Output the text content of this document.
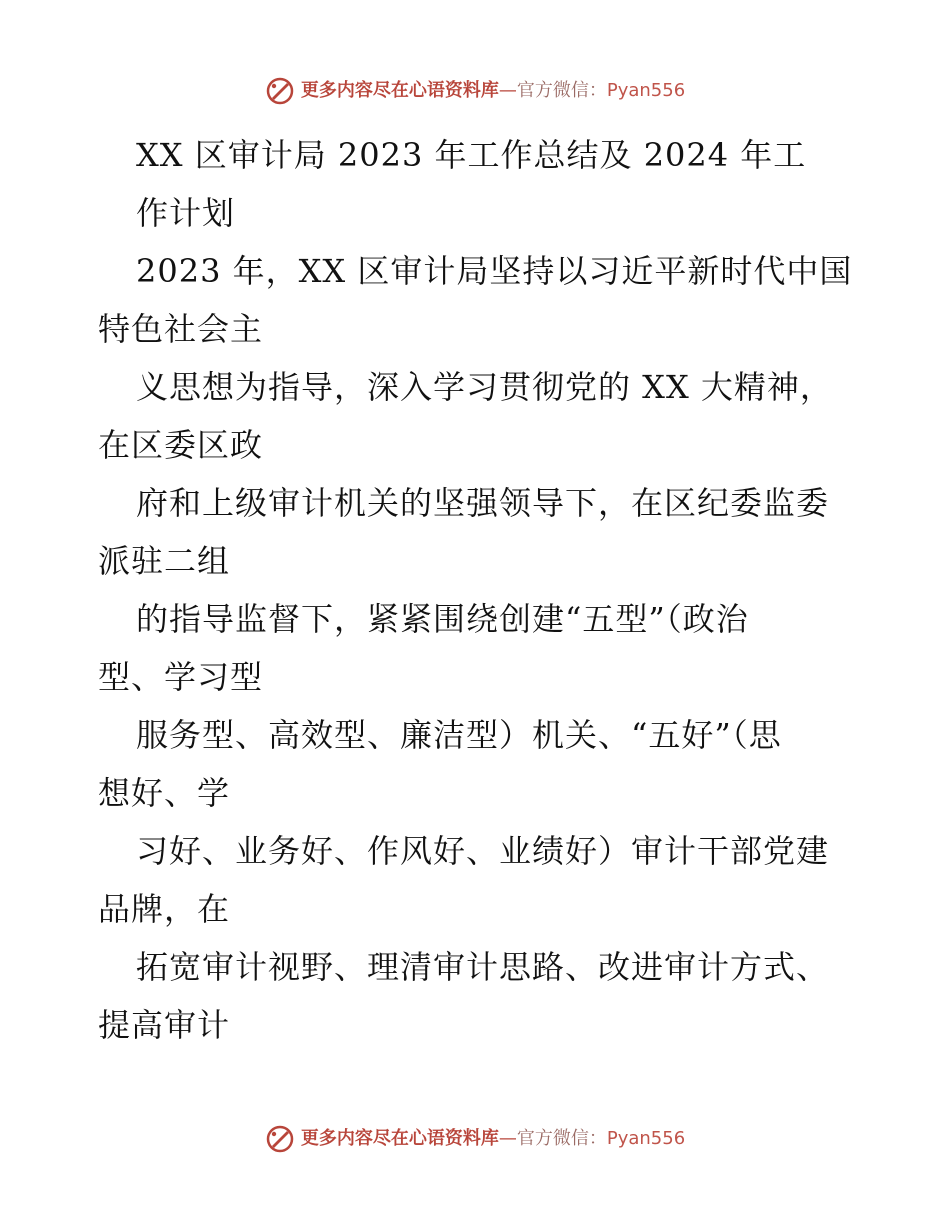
更多内容尽在心语资料库 — 官方微信： Pyan556
XX 区审计局 2023 年工作总结及 2024 年工
作计划
2023 年，XX 区审计局坚持以习近平新时代中国
特色社会主
义思想为指导，深入学习贯彻党的 XX 大精神，
在区委区政
府和上级审计机关的坚强领导下，在区纪委监委
派驻二组
的指导监督下，紧紧围绕创建“五型”（政治
型、学习型
服务型、高效型、廉洁型）机关、“五好”（思
想好、学
习好、业务好、作风好、业绩好）审计干部党建
品牌，在
拓宽审计视野、理清审计思路、改进审计方式、
提高审计
更多内容尽在心语资料库 — 官方微信： Pyan556
